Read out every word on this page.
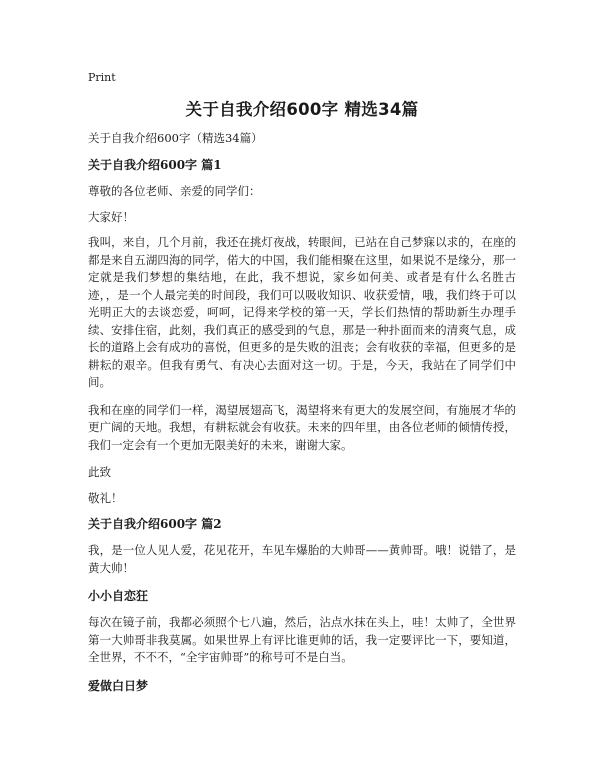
Print
关于自我介绍600字 精选34篇

关于自我介绍600字（精选34篇）

关于自我介绍600字 篇1

尊敬的各位老师、亲爱的同学们：

大家好！

我叫，来自，几个月前，我还在挑灯夜战，转眼间，已站在自己梦寐以求的，在座的都是来自五湖四海的同学，偌大的中国，我们能相聚在这里，如果说不是缘分，那一定就是我们梦想的集结地，在此，我不想说，家乡如何美、或者是有什么名胜古迹，，是一个人最完美的时间段，我们可以吸收知识、收获爱情，哦，我们终于可以光明正大的去谈恋爱，呵呵，记得来学校的第一天，学长们热情的帮助新生办理手续、安排住宿，此刻，我们真正的感受到的气息，那是一种扑面而来的清爽气息，成长的道路上会有成功的喜悦，但更多的是失败的沮丧；会有收获的幸福，但更多的是耕耘的艰辛。但我有勇气、有决心去面对这一切。于是，今天，我站在了同学们中间。

我和在座的同学们一样，渴望展翅高飞，渴望将来有更大的发展空间，有施展才华的更广阔的天地。我想，有耕耘就会有收获。未来的四年里，由各位老师的倾情传授，我们一定会有一个更加无限美好的未来，谢谢大家。

此致

敬礼！

关于自我介绍600字 篇2

我，是一位人见人爱，花见花开，车见车爆胎的大帅哥——黄帅哥。哦！说错了，是黄大帅！

小小自恋狂

每次在镜子前，我都必须照个七八遍，然后，沾点水抹在头上，哇！太帅了，全世界第一大帅哥非我莫属。如果世界上有评比谁更帅的话，我一定要评比一下，要知道，全世界，不不不，“全宇宙帅哥”的称号可不是白当。

爱做白日梦
